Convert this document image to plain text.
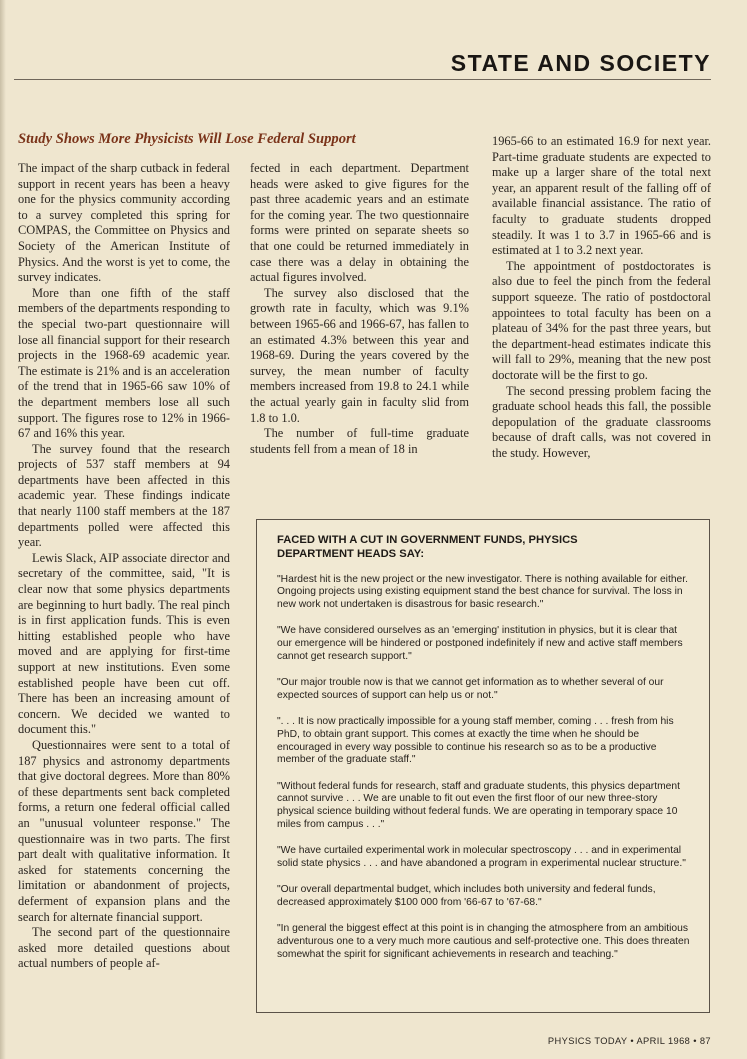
STATE AND SOCIETY
Study Shows More Physicists Will Lose Federal Support

The impact of the sharp cutback in federal support in recent years has been a heavy one for the physics community according to a survey completed this spring for COMPAS, the Committee on Physics and Society of the American Institute of Physics. And the worst is yet to come, the survey indicates.

More than one fifth of the staff members of the departments responding to the special two-part questionnaire will lose all financial support for their research projects in the 1968-69 academic year. The estimate is 21% and is an acceleration of the trend that in 1965-66 saw 10% of the department members lose all such support. The figures rose to 12% in 1966-67 and 16% this year.

The survey found that the research projects of 537 staff members at 94 departments have been affected in this academic year. These findings indicate that nearly 1100 staff members at the 187 departments polled were affected this year.

Lewis Slack, AIP associate director and secretary of the committee, said, "It is clear now that some physics departments are beginning to hurt badly. The real pinch is in first application funds. This is even hitting established people who have moved and are applying for first-time support at new institutions. Even some established people have been cut off. There has been an increasing amount of concern. We decided we wanted to document this."

Questionnaires were sent to a total of 187 physics and astronomy departments that give doctoral degrees. More than 80% of these departments sent back completed forms, a return one federal official called an "unusual volunteer response." The questionnaire was in two parts. The first part dealt with qualitative information. It asked for statements concerning the limitation or abandonment of projects, deferment of expansion plans and the search for alternate financial support.

The second part of the questionnaire asked more detailed questions about actual numbers of people af-

fected in each department. Department heads were asked to give figures for the past three academic years and an estimate for the coming year. The two questionnaire forms were printed on separate sheets so that one could be returned immediately in case there was a delay in obtaining the actual figures involved.

The survey also disclosed that the growth rate in faculty, which was 9.1% between 1965-66 and 1966-67, has fallen to an estimated 4.3% between this year and 1968-69. During the years covered by the survey, the mean number of faculty members increased from 19.8 to 24.1 while the actual yearly gain in faculty slid from 1.8 to 1.0.

The number of full-time graduate students fell from a mean of 18 in

1965-66 to an estimated 16.9 for next year. Part-time graduate students are expected to make up a larger share of the total next year, an apparent result of the falling off of available financial assistance. The ratio of faculty to graduate students dropped steadily. It was 1 to 3.7 in 1965-66 and is estimated at 1 to 3.2 next year.

The appointment of postdoctorates is also due to feel the pinch from the federal support squeeze. The ratio of postdoctoral appointees to total faculty has been on a plateau of 34% for the past three years, but the department-head estimates indicate this will fall to 29%, meaning that the new post doctorate will be the first to go.

The second pressing problem facing the graduate school heads this fall, the possible depopulation of the graduate classrooms because of draft calls, was not covered in the study. However,

FACED WITH A CUT IN GOVERNMENT FUNDS, PHYSICS DEPARTMENT HEADS SAY:

"Hardest hit is the new project or the new investigator. There is nothing available for either. Ongoing projects using existing equipment stand the best chance for survival. The loss in new work not undertaken is disastrous for basic research."

"We have considered ourselves as an 'emerging' institution in physics, but it is clear that our emergence will be hindered or postponed indefinitely if new and active staff members cannot get research support."

"Our major trouble now is that we cannot get information as to whether several of our expected sources of support can help us or not."

". . . It is now practically impossible for a young staff member, coming . . . fresh from his PhD, to obtain grant support. This comes at exactly the time when he should be encouraged in every way possible to continue his research so as to be a productive member of the graduate staff."

"Without federal funds for research, staff and graduate students, this physics department cannot survive . . . We are unable to fit out even the first floor of our new three-story physical science building without federal funds. We are operating in temporary space 10 miles from campus . . ."

"We have curtailed experimental work in molecular spectroscopy . . . and in experimental solid state physics . . . and have abandoned a program in experimental nuclear structure."

"Our overall departmental budget, which includes both university and federal funds, decreased approximately $100 000 from '66-67 to '67-68."

"In general the biggest effect at this point is in changing the atmosphere from an ambitious adventurous one to a very much more cautious and self-protective one. This does threaten somewhat the spirit for significant achievements in research and teaching."

PHYSICS TODAY • APRIL 1968 • 87
